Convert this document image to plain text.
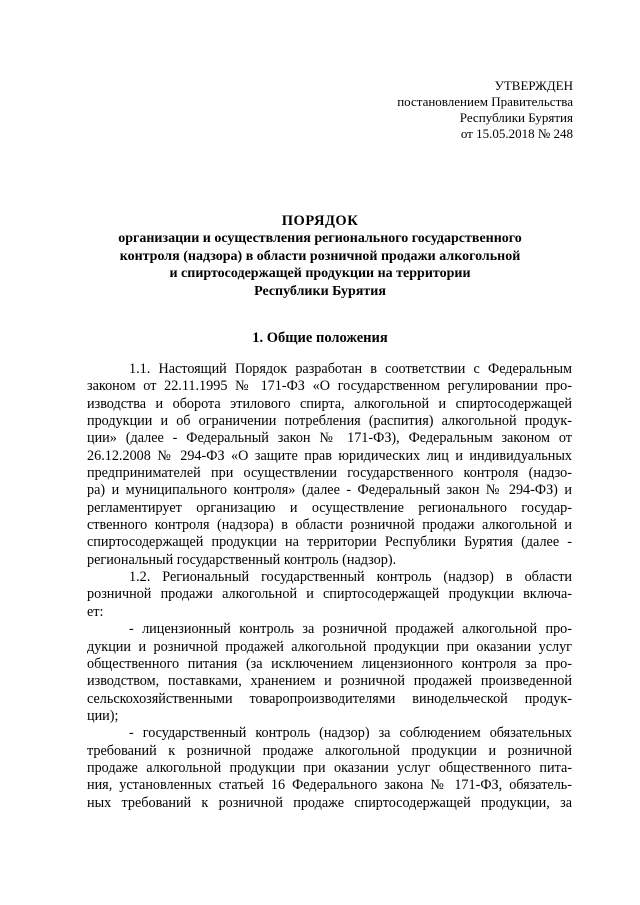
УТВЕРЖДЕН
постановлением Правительства
Республики Бурятия
от 15.05.2018 № 248
ПОРЯДОК
организации и осуществления регионального государственного
контроля (надзора) в области розничной продажи алкогольной
и спиртосодержащей продукции на территории
Республики Бурятия
1. Общие положения
1.1. Настоящий Порядок разработан в соответствии с Федеральным
законом от 22.11.1995 № 171-ФЗ «О государственном регулировании про-
изводства и оборота этилового спирта, алкогольной и спиртосодержащей
продукции и об ограничении потребления (распития) алкогольной продук-
ции» (далее - Федеральный закон № 171-ФЗ), Федеральным законом от
26.12.2008 № 294-ФЗ «О защите прав юридических лиц и индивидуальных
предпринимателей при осуществлении государственного контроля (надзо-
ра) и муниципального контроля» (далее - Федеральный закон № 294-ФЗ) и
регламентирует организацию и осуществление регионального государ-
ственного контроля (надзора) в области розничной продажи алкогольной и
спиртосодержащей продукции на территории Республики Бурятия (далее -
региональный государственный контроль (надзор).
1.2. Региональный государственный контроль (надзор) в области
розничной продажи алкогольной и спиртосодержащей продукции включа-
ет:
- лицензионный контроль за розничной продажей алкогольной про-
дукции и розничной продажей алкогольной продукции при оказании услуг
общественного питания (за исключением лицензионного контроля за про-
изводством, поставками, хранением и розничной продажей произведенной
сельскохозяйственными товаропроизводителями винодельческой продук-
ции);
- государственный контроль (надзор) за соблюдением обязательных
требований к розничной продаже алкогольной продукции и розничной
продаже алкогольной продукции при оказании услуг общественного пита-
ния, установленных статьей 16 Федерального закона № 171-ФЗ, обязатель-
ных требований к розничной продаже спиртосодержащей продукции, за
